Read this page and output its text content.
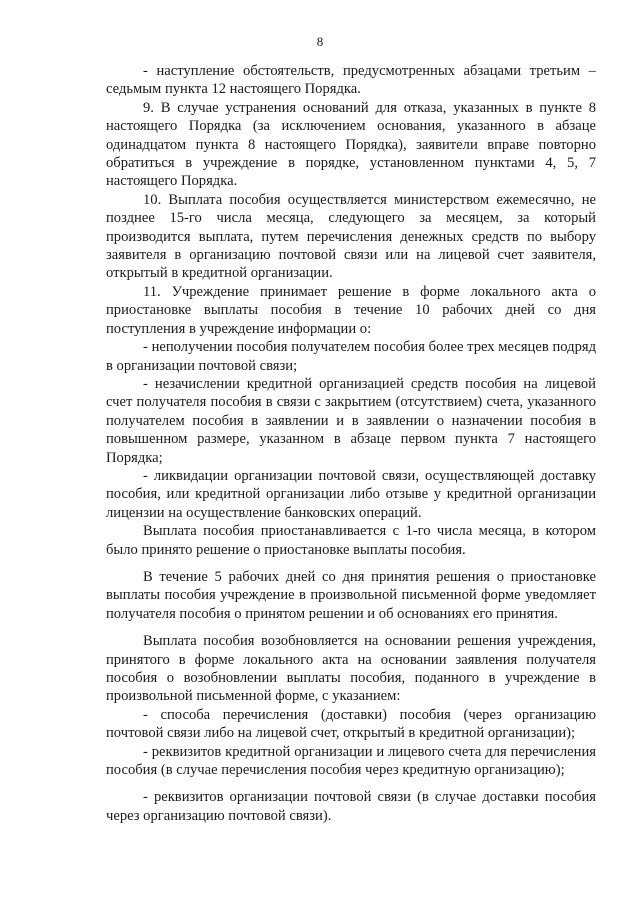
8

- наступление обстоятельств, предусмотренных абзацами третьим – седьмым пункта 12 настоящего Порядка.

9. В случае устранения оснований для отказа, указанных в пункте 8 настоящего Порядка (за исключением основания, указанного в абзаце одинадцатом пункта 8 настоящего Порядка), заявители вправе повторно обратиться в учреждение в порядке, установленном пунктами 4, 5, 7 настоящего Порядка.

10. Выплата пособия осуществляется министерством ежемесячно, не позднее 15-го числа месяца, следующего за месяцем, за который производится выплата, путем перечисления денежных средств по выбору заявителя в организацию почтовой связи или на лицевой счет заявителя, открытый в кредитной организации.

11. Учреждение принимает решение в форме локального акта о приостановке выплаты пособия в течение 10 рабочих дней со дня поступления в учреждение информации о:

- неполучении пособия получателем пособия более трех месяцев подряд в организации почтовой связи;

- незачислении кредитной организацией средств пособия на лицевой счет получателя пособия в связи с закрытием (отсутствием) счета, указанного получателем пособия в заявлении и в заявлении о назначении пособия в повышенном размере, указанном в абзаце первом пункта 7 настоящего Порядка;

- ликвидации организации почтовой связи, осуществляющей доставку пособия, или кредитной организации либо отзыве у кредитной организации лицензии на осуществление банковских операций.

Выплата пособия приостанавливается с 1-го числа месяца, в котором было принято решение о приостановке выплаты пособия.

В течение 5 рабочих дней со дня принятия решения о приостановке выплаты пособия учреждение в произвольной письменной форме уведомляет получателя пособия о принятом решении и об основаниях его принятия.

Выплата пособия возобновляется на основании решения учреждения, принятого в форме локального акта на основании заявления получателя пособия о возобновлении выплаты пособия, поданного в учреждение в произвольной письменной форме, с указанием:

- способа перечисления (доставки) пособия (через организацию почтовой связи либо на лицевой счет, открытый в кредитной организации);

- реквизитов кредитной организации и лицевого счета для перечисления пособия (в случае перечисления пособия через кредитную организацию);

- реквизитов организации почтовой связи (в случае доставки пособия через организацию почтовой связи).
